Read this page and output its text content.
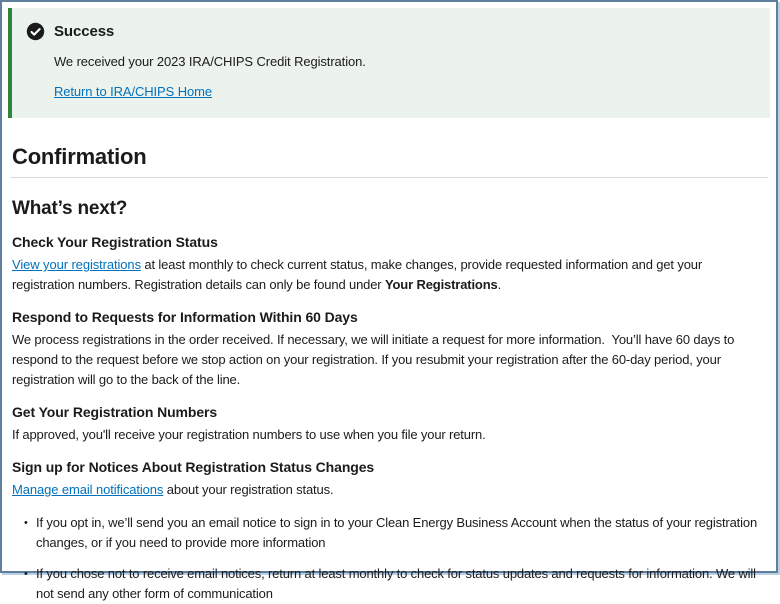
Success
We received your 2023 IRA/CHIPS Credit Registration.
Return to IRA/CHIPS Home
Confirmation
What’s next?
Check Your Registration Status

View your registrations at least monthly to check current status, make changes, provide requested information and get your registration numbers. Registration details can only be found under Your Registrations.

Respond to Requests for Information Within 60 Days

We process registrations in the order received. If necessary, we will initiate a request for more information.  You’ll have 60 days to respond to the request before we stop action on your registration. If you resubmit your registration after the 60-day period, your registration will go to the back of the line.

Get Your Registration Numbers

If approved, you'll receive your registration numbers to use when you file your return.

Sign up for Notices About Registration Status Changes

Manage email notifications about your registration status.

• If you opt in, we’ll send you an email notice to sign in to your Clean Energy Business Account when the status of your registration changes, or if you need to provide more information
• If you chose not to receive email notices, return at least monthly to check for status updates and requests for information. We will not send any other form of communication
